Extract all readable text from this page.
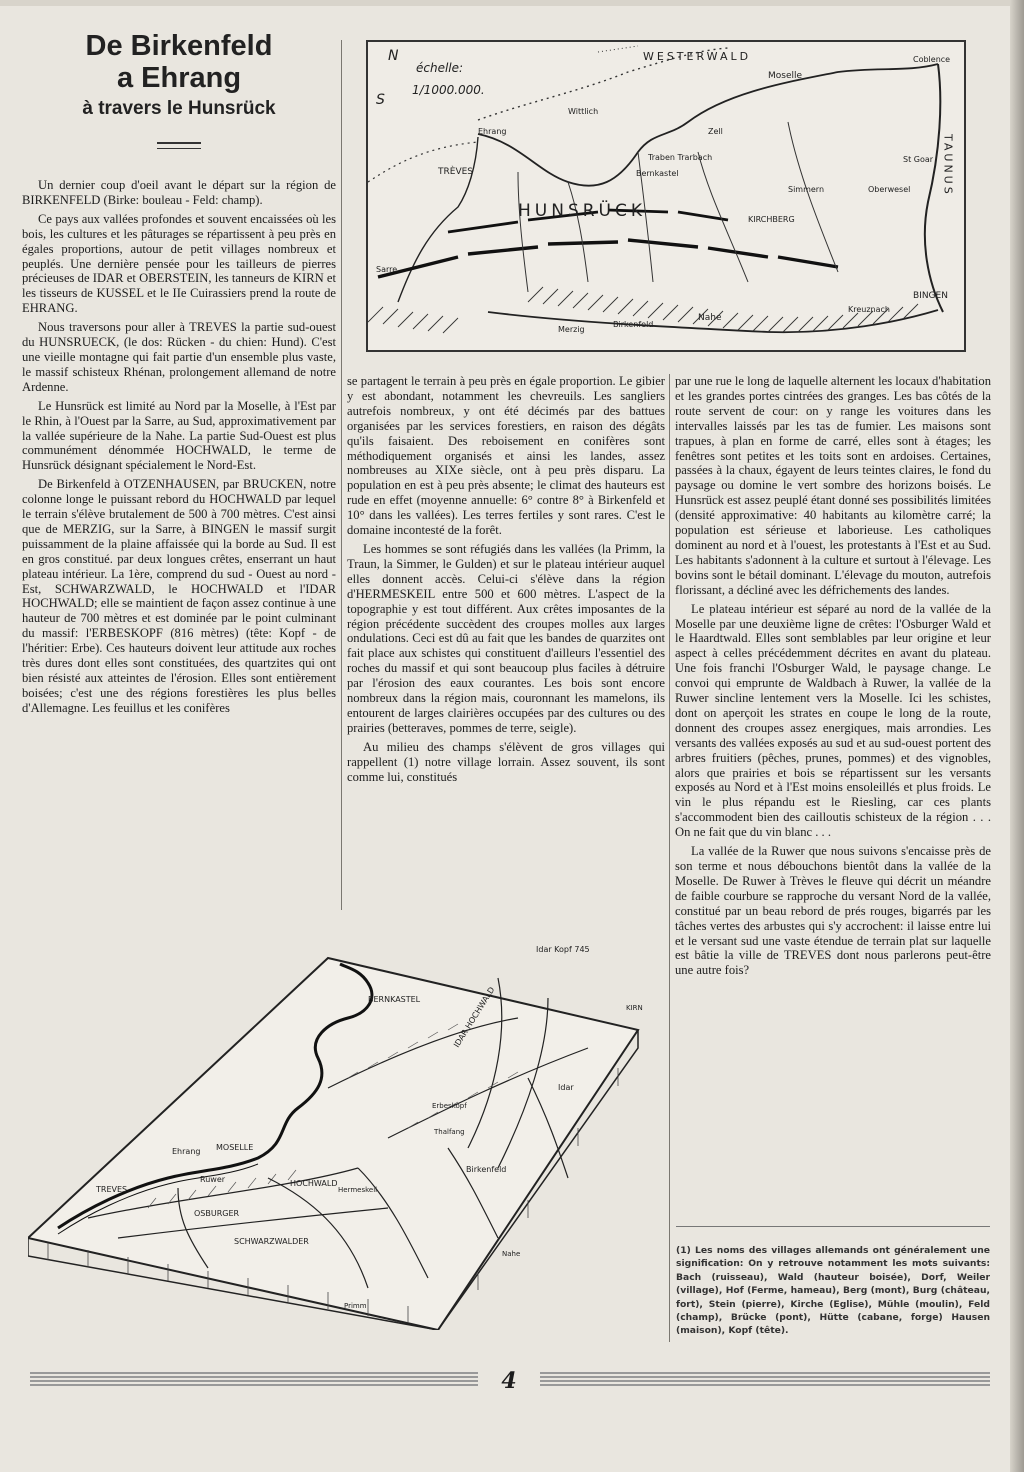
De Birkenfeld
a Ehrang
à travers le Hunsrück
N
S
échelle:
1/1000.000.
WESTERWALD
TAUNUS
Coblence
Moselle
HUNSRÜCK
TRÈVES
Ehrang
Wittlich
Zell
Traben Trarbach
Bernkastel
KIRCHBERG
Simmern	Oberwesel
St Goar
BINGEN
Nahe
Sarre
Kreuznach
Birkenfeld
Merzig

Un dernier coup d'oeil avant le départ sur la région de BIRKENFELD (Birke: bouleau - Feld: champ).

Ce pays aux vallées profondes et souvent encaissées où les bois, les cultures et les pâturages se répartissent à peu près en égales proportions, autour de petit villages nombreux et peuplés. Une dernière pensée pour les tailleurs de pierres précieuses de IDAR et OBERSTEIN, les tanneurs de KIRN et les tisseurs de KUSSEL et le IIe Cuirassiers prend la route de EHRANG.

Nous traversons pour aller à TREVES la partie sud-ouest du HUNSRUECK, (le dos: Rücken - du chien: Hund). C'est une vieille montagne qui fait partie d'un ensemble plus vaste, le massif schisteux Rhénan, prolongement allemand de notre Ardenne.

Le Hunsrück est limité au Nord par la Moselle, à l'Est par le Rhin, à l'Ouest par la Sarre, au Sud, approximativement par la vallée supérieure de la Nahe. La partie Sud-Ouest est plus communément dénommée HOCHWALD, le terme de Hunsrück désignant spécialement le Nord-Est.

De Birkenfeld à OTZENHAUSEN, par BRUCKEN, notre colonne longe le puissant rebord du HOCHWALD par lequel le terrain s'élève brutalement de 500 à 700 mètres. C'est ainsi que de MERZIG, sur la Sarre, à BINGEN le massif surgit puissamment de la plaine affaissée qui la borde au Sud. Il est en gros constitué. par deux longues crêtes, enserrant un haut plateau intérieur. La 1ère, comprend du sud - Ouest au nord - Est, SCHWARZWALD, le HOCHWALD et l'IDAR HOCHWALD; elle se maintient de façon assez continue à une hauteur de 700 mètres et est dominée par le point culminant du massif: l'ERBESKOPF (816 mètres) (tête: Kopf - de l'héritier: Erbe). Ces hauteurs doivent leur attitude aux roches très dures dont elles sont constituées, des quartzites qui ont bien résisté aux atteintes de l'érosion. Elles sont entièrement boisées; c'est une des régions forestières les plus belles d'Allemagne. Les feuillus et les conifères

se partagent le terrain à peu près en égale proportion. Le gibier y est abondant, notamment les chevreuils. Les sangliers autrefois nombreux, y ont été décimés par des battues organisées par les services forestiers, en raison des dégâts qu'ils faisaient. Des reboisement en conifères sont méthodiquement organisés et ainsi les landes, assez nombreuses au XIXe siècle, ont à peu près disparu. La population en est à peu près absente; le climat des hauteurs est rude en effet (moyenne annuelle: 6° contre 8° à Birkenfeld et 10° dans les vallées). Les terres fertiles y sont rares. C'est le domaine incontesté de la forêt.

Les hommes se sont réfugiés dans les vallées (la Primm, la Traun, la Simmer, le Gulden) et sur le plateau intérieur auquel elles donnent accès. Celui-ci s'élève dans la région d'HERMESKEIL entre 500 et 600 mètres. L'aspect de la topographie y est tout différent. Aux crêtes imposantes de la région précédente succèdent des croupes molles aux larges ondulations. Ceci est dû au fait que les bandes de quarzites ont fait place aux schistes qui constituent d'ailleurs l'essentiel des roches du massif et qui sont beaucoup plus faciles à détruire par l'érosion des eaux courantes. Les bois sont encore nombreux dans la région mais, couronnant les mamelons, ils entourent de larges clairières occupées par des cultures ou des prairies (betteraves, pommes de terre, seigle).

Au milieu des champs s'élèvent de gros villages qui rappellent (1) notre village lorrain. Assez souvent, ils sont comme lui, constitués

par une rue le long de laquelle alternent les locaux d'habitation et les grandes portes cintrées des granges. Les bas côtés de la route servent de cour: on y range les voitures dans les intervalles laissés par les tas de fumier. Les maisons sont trapues, à plan en forme de carré, elles sont à étages; les fenêtres sont petites et les toits sont en ardoises. Certaines, passées à la chaux, égayent de leurs teintes claires, le fond du paysage ou domine le vert sombre des horizons boisés. Le Hunsrück est assez peuplé étant donné ses possibilités limitées (densité approximative: 40 habitants au kilomètre carré; la population est sérieuse et laborieuse. Les catholiques dominent au nord et à l'ouest, les protestants à l'Est et au Sud. Les habitants s'adonnent à la culture et surtout à l'élevage. Les bovins sont le bétail dominant. L'élevage du mouton, autrefois florissant, a décliné avec les défrichements des landes.

Le plateau intérieur est séparé au nord de la vallée de la Moselle par une deuxième ligne de crêtes: l'Osburger Wald et le Haardtwald. Elles sont semblables par leur origine et leur aspect à celles précédemment décrites en avant du plateau. Une fois franchi l'Osburger Wald, le paysage change. Le convoi qui emprunte de Waldbach à Ruwer, la vallée de la Ruwer sincline lentement vers la Moselle. Ici les schistes, dont on aperçoit les strates en coupe le long de la route, donnent des croupes assez energiques, mais arrondies. Les versants des vallées exposés au sud et au sud-ouest portent des arbres fruitiers (pêches, prunes, pommes) et des vignobles, alors que prairies et bois se répartissent sur les versants exposés au Nord et à l'Est moins ensoleillés et plus froids. Le vin le plus répandu est le Riesling, car ces plants s'accommodent bien des cailloutis schisteux de la région . . . On ne fait que du vin blanc . . .

La vallée de la Ruwer que nous suivons s'encaisse près de son terme et nous débouchons bientôt dans la vallée de la Moselle. De Ruwer à Trèves le fleuve qui décrit un méandre de faible courbure se rapproche du versant Nord de la vallée, constitué par un beau rebord de prés rouges, bigarrés par les tâches vertes des arbustes qui s'y accrochent: il laisse entre lui et le versant sud une vaste étendue de terrain plat sur laquelle est bâtie la ville de TREVES dont nous parlerons peut-être une autre fois?

Idar Kopf 745
BERNKASTEL
KIRN
IDAR HOCHWALD
TREVES
Ehrang MOSELLE
Ruwer
OSBURGER
SCHWARZWALDER
HOCHWALD
Hermeskeil
Birkenfeld
Primm
Nahe
Idar
Erbeskopf
Thalfang
(1) Les noms des villages allemands ont généralement une signification: On y retrouve notamment les mots suivants: Bach (ruisseau), Wald (hauteur boisée), Dorf, Weiler (village), Hof (Ferme, hameau), Berg (mont), Burg (château, fort), Stein (pierre), Kirche (Eglise), Mühle (moulin), Feld (champ), Brücke (pont), Hütte (cabane, forge) Hausen (maison), Kopf (tête).
4
